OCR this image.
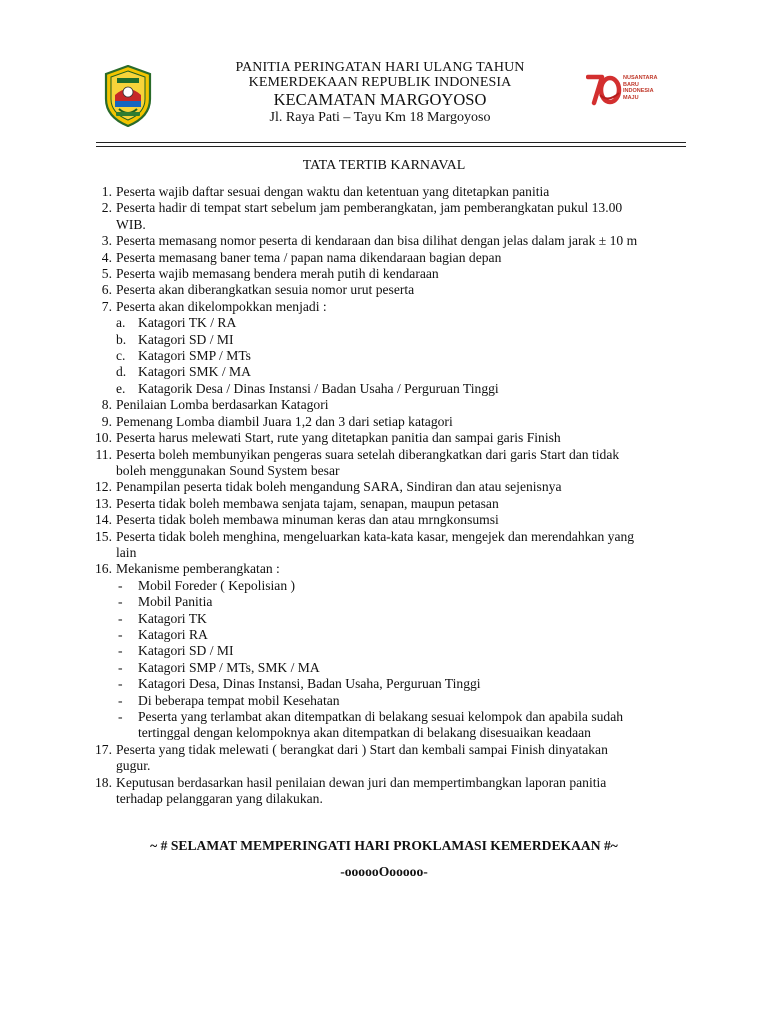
PANITIA PERINGATAN HARI ULANG TAHUN
KEMERDEKAAN REPUBLIK INDONESIA
KECAMATAN MARGOYOSO
Jl. Raya Pati – Tayu Km 18 Margoyoso
NUSANTARA
BARU
INDONESIA
MAJU
TATA TERTIB KARNAVAL
1. Peserta wajib daftar sesuai dengan waktu dan ketentuan yang ditetapkan panitia
2. Peserta hadir di tempat start sebelum jam pemberangkatan, jam pemberangkatan pukul 13.00
WIB.
3. Peserta memasang nomor peserta di kendaraan dan bisa dilihat dengan jelas dalam jarak ± 10 m
4. Peserta memasang baner tema / papan nama dikendaraan bagian depan
5. Peserta wajib memasang bendera merah putih di kendaraan
6. Peserta akan diberangkatkan sesuia nomor urut peserta
7. Peserta akan dikelompokkan menjadi :
a. Katagori TK / RA
b. Katagori SD / MI
c. Katagori SMP / MTs
d. Katagori SMK / MA
e. Katagorik Desa / Dinas Instansi / Badan Usaha / Perguruan Tinggi
8. Penilaian Lomba berdasarkan Katagori
9. Pemenang Lomba diambil Juara 1,2 dan 3 dari setiap katagori
10. Peserta harus melewati Start, rute yang ditetapkan panitia dan sampai garis Finish
11. Peserta boleh membunyikan pengeras suara setelah diberangkatkan dari garis Start dan tidak
boleh menggunakan Sound System besar
12. Penampilan peserta tidak boleh mengandung SARA, Sindiran dan atau sejenisnya
13. Peserta tidak boleh membawa senjata tajam, senapan, maupun petasan
14. Peserta tidak boleh membawa minuman keras dan atau mrngkonsumsi
15. Peserta tidak boleh menghina, mengeluarkan kata-kata kasar, mengejek dan merendahkan yang
lain
16. Mekanisme pemberangkatan :
- Mobil Foreder ( Kepolisian )
- Mobil Panitia
- Katagori TK
- Katagori RA
- Katagori SD / MI
- Katagori SMP / MTs, SMK / MA
- Katagori Desa, Dinas Instansi, Badan Usaha, Perguruan Tinggi
- Di beberapa tempat mobil Kesehatan
- Peserta yang terlambat akan ditempatkan di belakang sesuai kelompok dan apabila sudah
tertinggal dengan kelompoknya akan ditempatkan di belakang disesuaikan keadaan
17. Peserta yang tidak melewati ( berangkat dari ) Start dan kembali sampai Finish dinyatakan
gugur.
18. Keputusan berdasarkan hasil penilaian dewan juri dan mempertimbangkan laporan panitia
terhadap pelanggaran yang dilakukan.
~ # SELAMAT MEMPERINGATI HARI PROKLAMASI KEMERDEKAAN #~
-oooooOooooo-
